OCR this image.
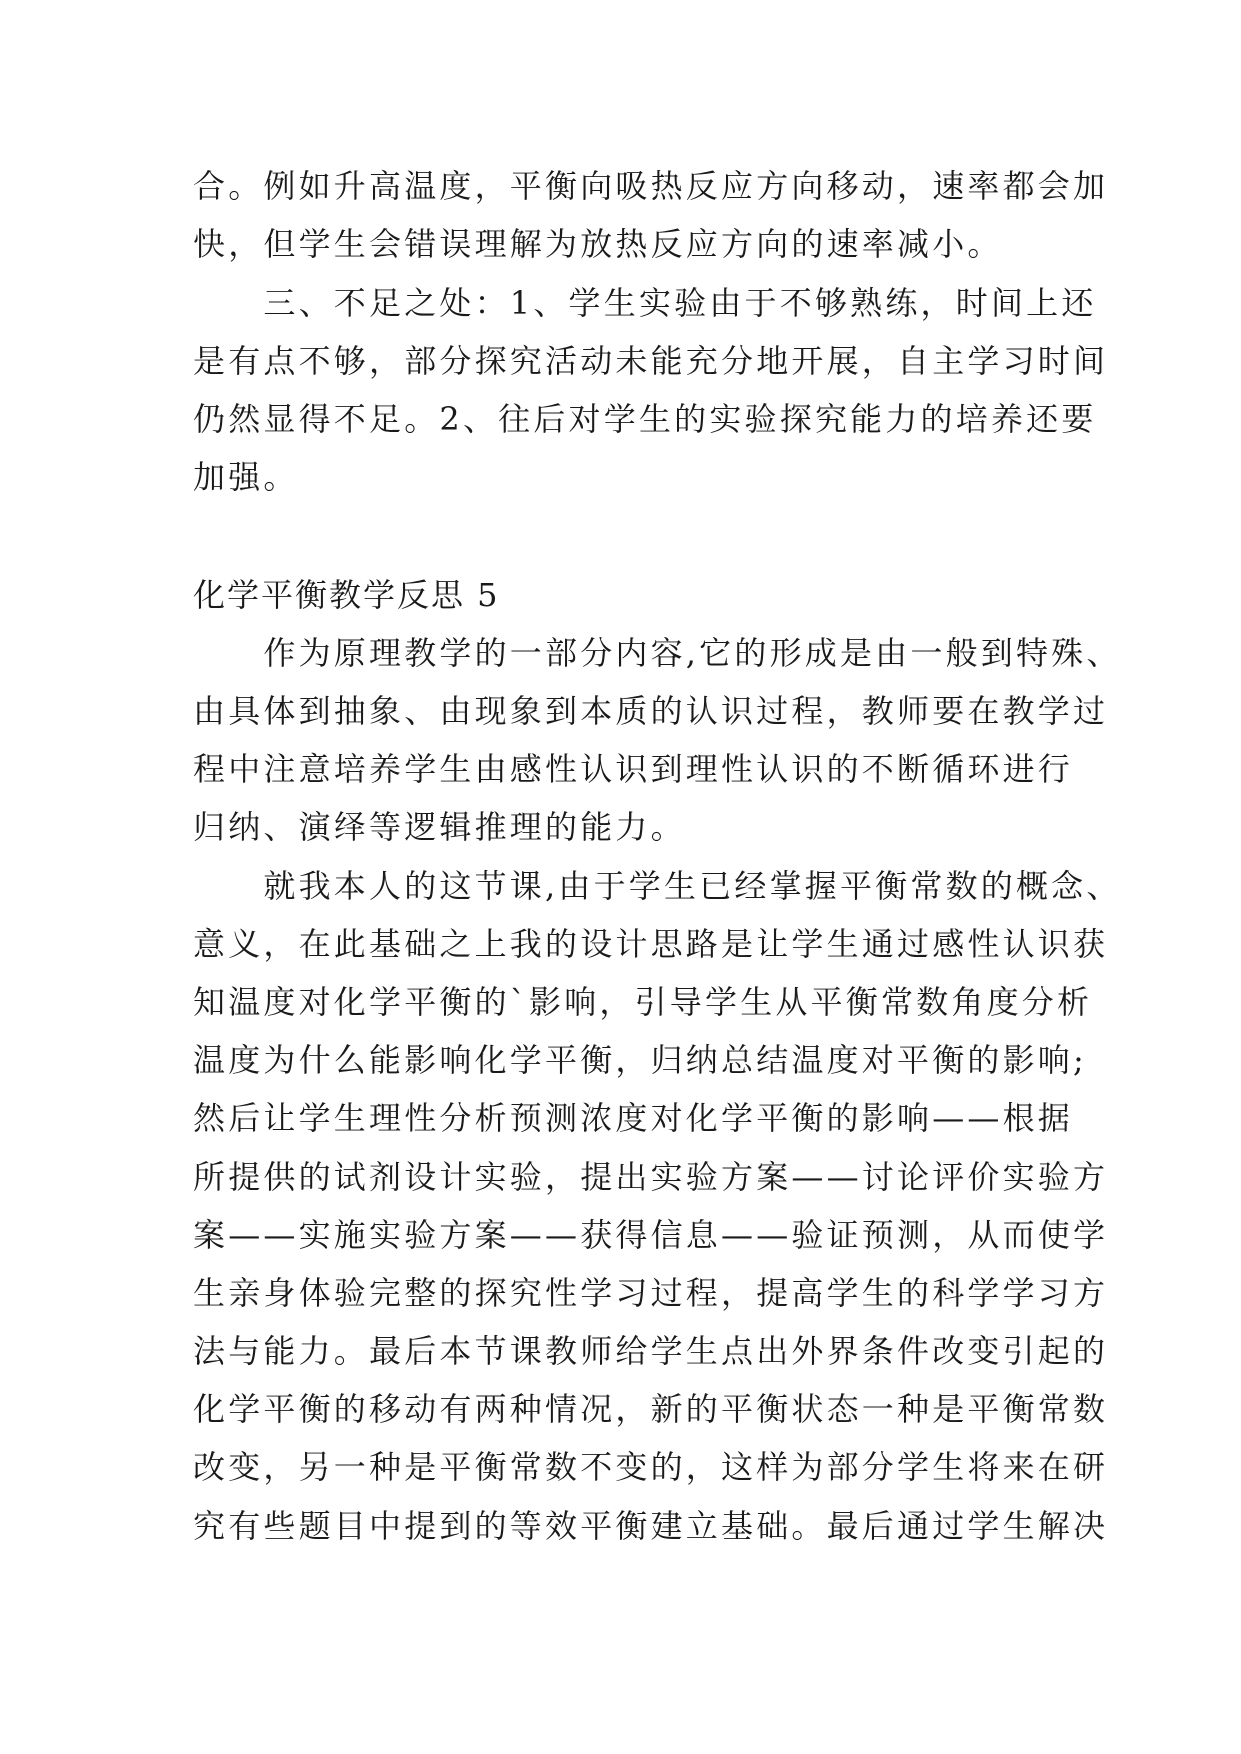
合。例如升高温度，平衡向吸热反应方向移动，速率都会加
快，但学生会错误理解为放热反应方向的速率减小。
　　三、不足之处：1、学生实验由于不够熟练，时间上还
是有点不够，部分探究活动未能充分地开展，自主学习时间
仍然显得不足。2、往后对学生的实验探究能力的培养还要
加强。
化学平衡教学反思 5
　　作为原理教学的一部分内容,它的形成是由一般到特殊、
由具体到抽象、由现象到本质的认识过程，教师要在教学过
程中注意培养学生由感性认识到理性认识的不断循环进行
归纳、演绎等逻辑推理的能力。
　　就我本人的这节课,由于学生已经掌握平衡常数的概念、
意义，在此基础之上我的设计思路是让学生通过感性认识获
知温度对化学平衡的`影响，引导学生从平衡常数角度分析
温度为什么能影响化学平衡，归纳总结温度对平衡的影响;
然后让学生理性分析预测浓度对化学平衡的影响——根据
所提供的试剂设计实验，提出实验方案——讨论评价实验方
案——实施实验方案——获得信息——验证预测，从而使学
生亲身体验完整的探究性学习过程，提高学生的科学学习方
法与能力。最后本节课教师给学生点出外界条件改变引起的
化学平衡的移动有两种情况，新的平衡状态一种是平衡常数
改变，另一种是平衡常数不变的，这样为部分学生将来在研
究有些题目中提到的等效平衡建立基础。最后通过学生解决
